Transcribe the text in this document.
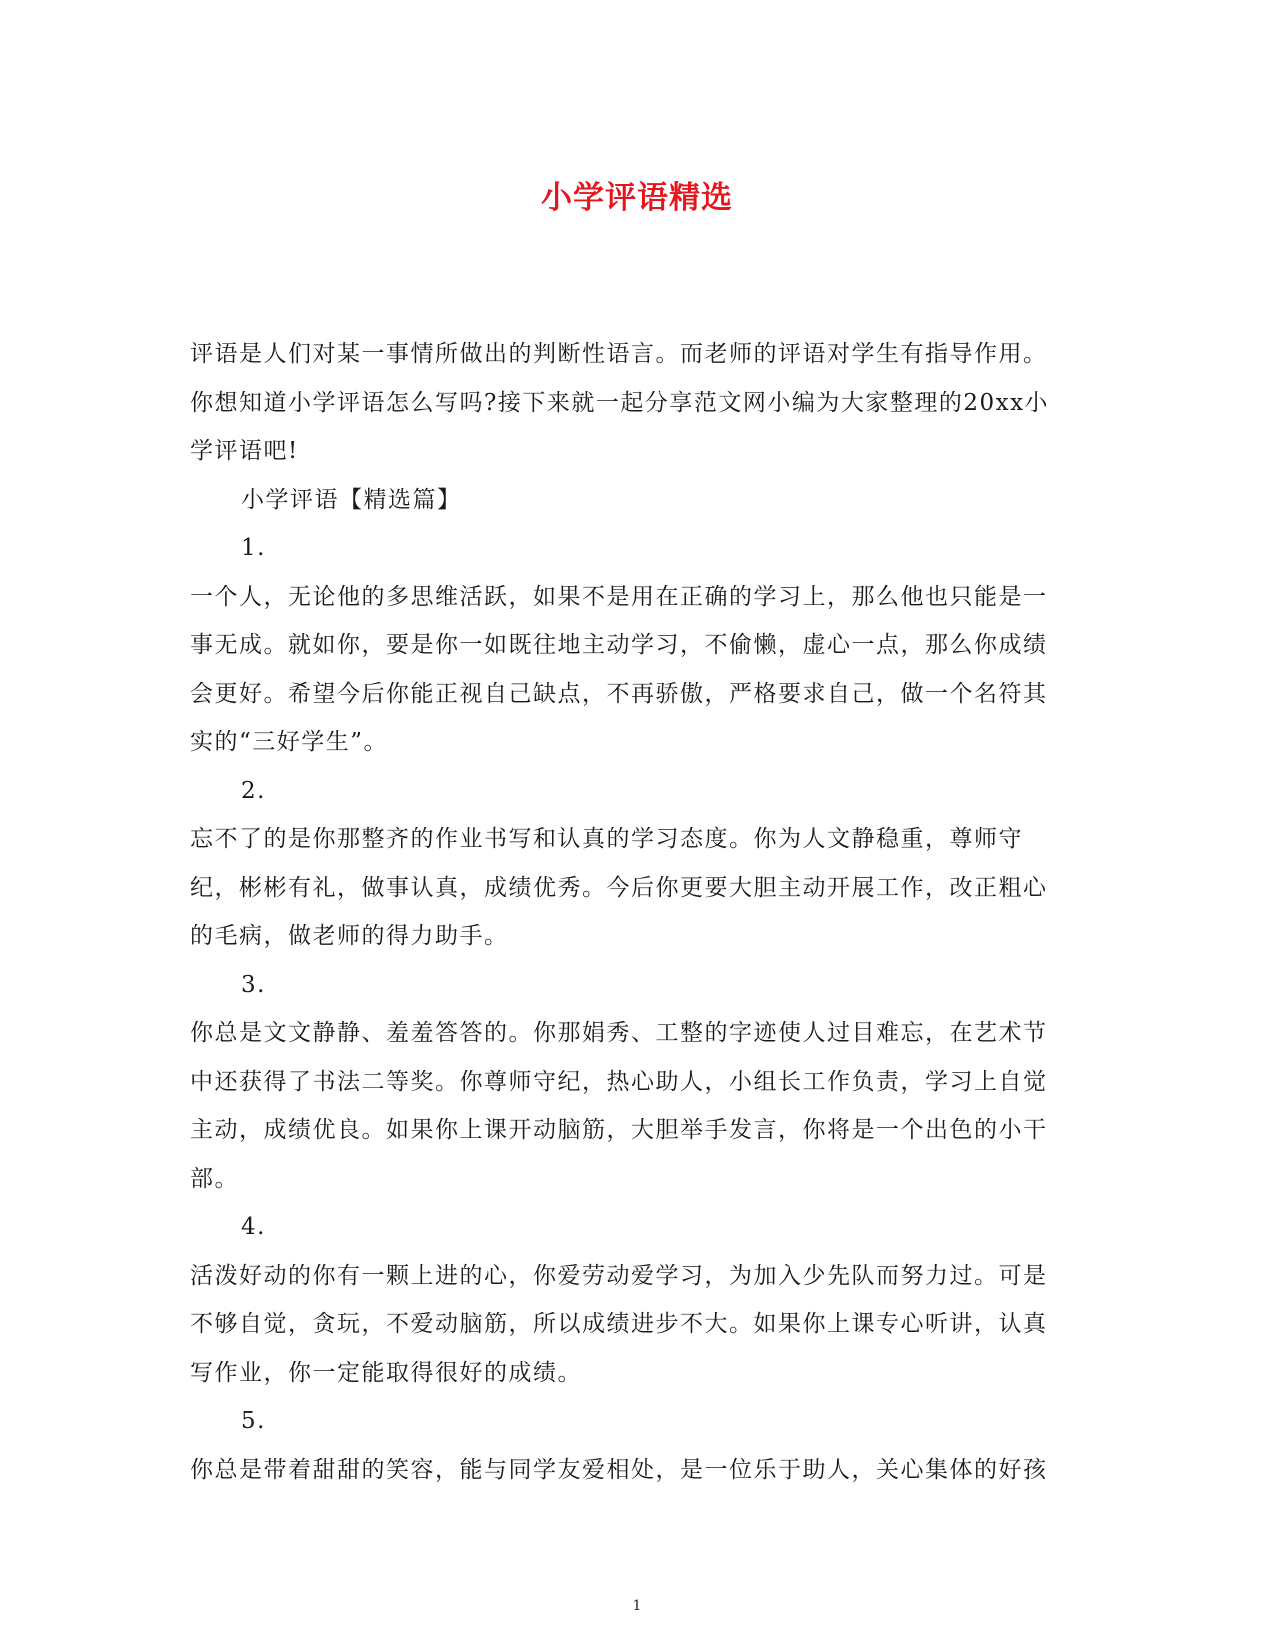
小学评语精选

评语是人们对某一事情所做出的判断性语言。而老师的评语对学生有指导作用。你想知道小学评语怎么写吗?接下来就一起分享范文网小编为大家整理的20xx小学评语吧!

小学评语【精选篇】

1.

一个人，无论他的多思维活跃，如果不是用在正确的学习上，那么他也只能是一事无成。就如你，要是你一如既往地主动学习，不偷懒，虚心一点，那么你成绩会更好。希望今后你能正视自己缺点，不再骄傲，严格要求自己，做一个名符其实的“三好学生”。

2.

忘不了的是你那整齐的作业书写和认真的学习态度。你为人文静稳重，尊师守纪，彬彬有礼，做事认真，成绩优秀。今后你更要大胆主动开展工作，改正粗心的毛病，做老师的得力助手。

3.

你总是文文静静、羞羞答答的。你那娟秀、工整的字迹使人过目难忘，在艺术节中还获得了书法二等奖。你尊师守纪，热心助人，小组长工作负责，学习上自觉主动，成绩优良。如果你上课开动脑筋，大胆举手发言，你将是一个出色的小干部。

4.

活泼好动的你有一颗上进的心，你爱劳动爱学习，为加入少先队而努力过。可是不够自觉，贪玩，不爱动脑筋，所以成绩进步不大。如果你上课专心听讲，认真写作业，你一定能取得很好的成绩。

5.

你总是带着甜甜的笑容，能与同学友爱相处，是一位乐于助人，关心集体的好孩

1
